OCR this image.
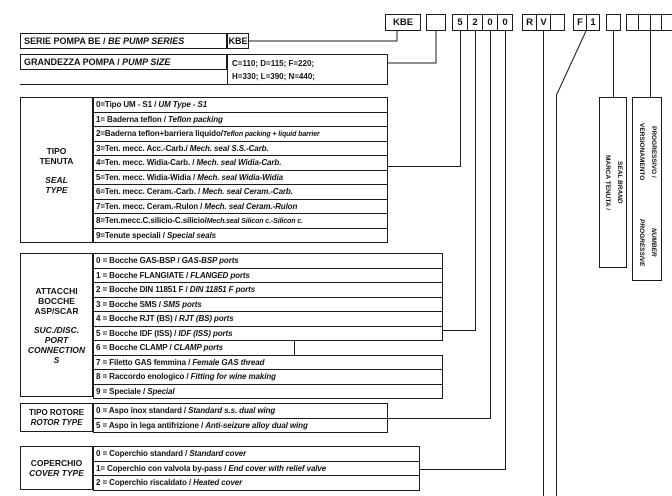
KBE	5	2	0	0	R V	F 1
SERIE POMPA BE / BE PUMP SERIES	KBE
GRANDEZZA POMPA / PUMP SIZE	C=110; D=115; F=220;
H=330; L=390; N=440;
TIPO
TENUTA
SEAL
TYPE
0=Tipo UM - S1 / UM Type - S1
1= Baderna teflon / Teflon packing
2=Baderna teflon+barriera liquido/Teflon packing + liquid barrier
3=Ten. mecc. Acc.-Carb./ Mech. seal S.S.-Carb.
4=Ten. mecc. Widia-Carb. / Mech. seal Widia-Carb.
5=Ten. mecc. Widia-Widia / Mech. seal Widia-Widia
6=Ten. mecc. Ceram.-Carb. / Mech. seal Ceram.-Carb.
7=Ten. mecc. Ceram.-Rulon / Mech. seal Ceram.-Rulon
8=Ten.mecc.C.silicio-C.silicio/Mech.seal Silicon c.-Silicon c.
9=Tenute speciali / Special seals
ATTACCHI
BOCCHE
ASP/SCAR
SUC./DISC.
PORT
CONNECTION
S
0 = Bocche GAS-BSP / GAS-BSP ports
1 = Bocche FLANGIATE / FLANGED ports
2 = Bocche DIN 11851 F / DIN 11851 F ports
3 = Bocche SMS / SMS ports
4 = Bocche RJT (BS) / RJT (BS) ports
5 = Bocche IDF (ISS) / IDF (ISS) ports
6 = Bocche CLAMP / CLAMP ports
7 = Filetto GAS femmina / Female GAS thread
8 = Raccordo enologico / Fitting for wine making
9 = Speciale / Special
TIPO ROTORE
ROTOR TYPE
0 = Aspo inox standard / Standard s.s. dual wing
5 = Aspo in lega antifrizione / Anti-seizure alloy dual wing
COPERCHIO
COVER TYPE
0 = Coperchio standard / Standard cover
1= Coperchio con valvola by-pass / End cover with relief valve
2 = Coperchio riscaldato / Heated cover
MARCA TENUTA / SEAL BRAND
VERSIONAMENTO PROGRESSIVO /
PROGRESSIVE NUMBER
